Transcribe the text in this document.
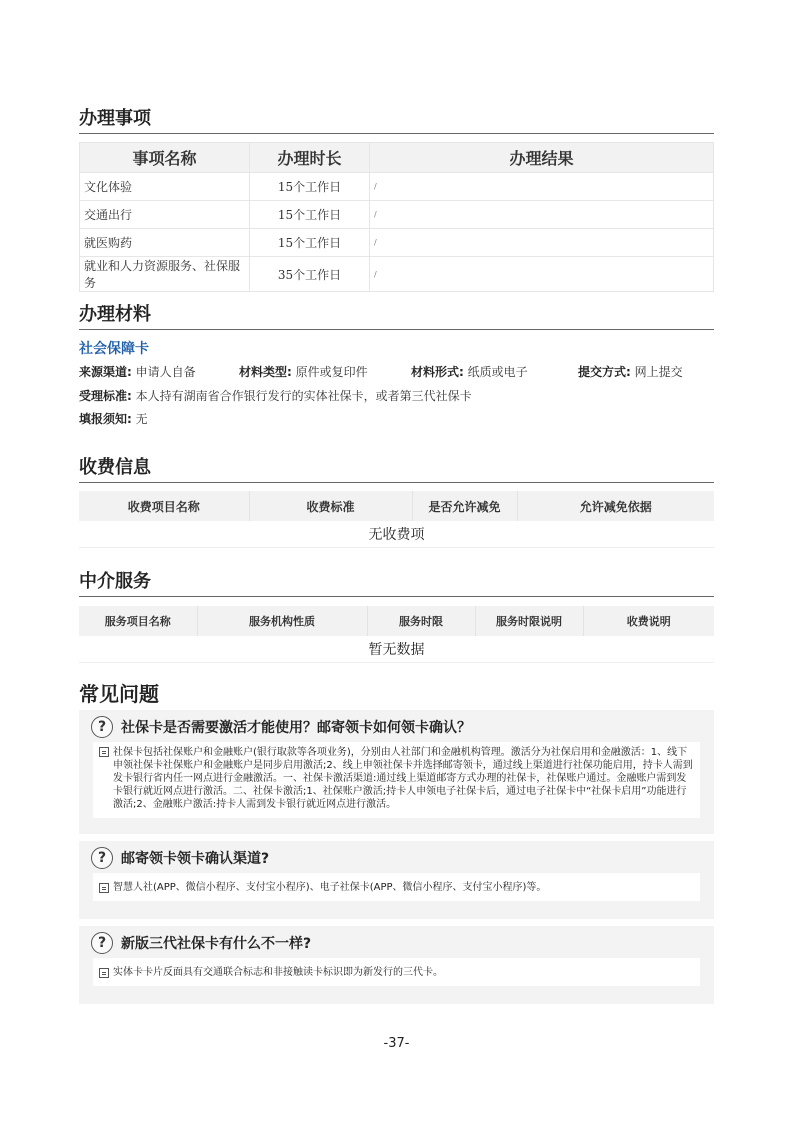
办理事项
事项名称	办理时长	办理结果
文化体验	15个工作日	/
交通出行	15个工作日	/
就医购药	15个工作日	/
就业和人力资源服务、社保服务	35个工作日	/
办理材料
社会保障卡
来源渠道: 申请人自备	材料类型: 原件或复印件	材料形式: 纸质或电子	提交方式: 网上提交
受理标准: 本人持有湖南省合作银行发行的实体社保卡，或者第三代社保卡
填报须知: 无
收费信息
收费项目名称	收费标准	是否允许减免	允许减免依据
无收费项
中介服务
服务项目名称	服务机构性质	服务时限	服务时限说明	收费说明
暂无数据
常见问题
?	社保卡是否需要激活才能使用？邮寄领卡如何领卡确认？
社保卡包括社保账户和金融账户(银行取款等各项业务)，分别由人社部门和金融机构管理。激活分为社保启用和金融激活：1、线下申领社保卡社保账户和金融账户是同步启用激活;2、线上申领社保卡并选择邮寄领卡，通过线上渠道进行社保功能启用，持卡人需到发卡银行省内任一网点进行金融激活。一、社保卡激活渠道:通过线上渠道邮寄方式办理的社保卡，社保账户通过。金融账户需到发卡银行就近网点进行激活。二、社保卡激活;1、社保账户激活;持卡人申领电子社保卡后，通过电子社保卡中“社保卡启用”功能进行激活;2、金融账户激活:持卡人需到发卡银行就近网点进行激活。
?	邮寄领卡领卡确认渠道?
智慧人社(APP、微信小程序、支付宝小程序)、电子社保卡(APP、微信小程序、支付宝小程序)等。
?	新版三代社保卡有什么不一样?
实体卡卡片反面具有交通联合标志和非接触读卡标识即为新发行的三代卡。
-37-
